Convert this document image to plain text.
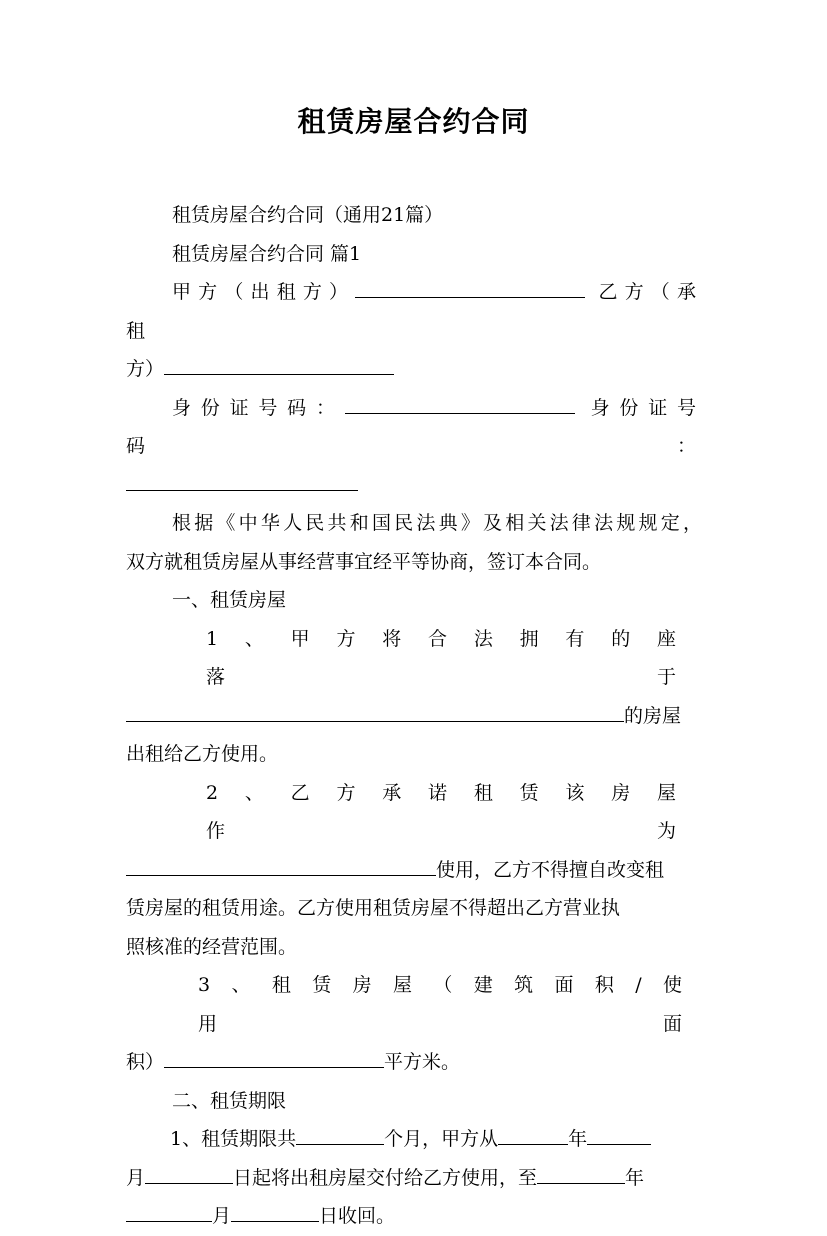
租赁房屋合约合同

租赁房屋合约合同（通用21篇）

租赁房屋合约合同 篇1

甲方（出租方）	乙方（承租

方）

身份证号码：	身份证号码：

根据《中华人民共和国民法典》及相关法律法规规定，

双方就租赁房屋从事经营事宜经平等协商，签订本合同。

一、租赁房屋

1、甲方将合法拥有的座落于

的房屋

出租给乙方使用。

2、乙方承诺租赁该房屋作为

使用，乙方不得擅自改变租

赁房屋的租赁用途。乙方使用租赁房屋不得超出乙方营业执

照核准的经营范围。

3、租赁房屋（建筑面积/使用面

积）	平方米。

二、租赁期限

1、租赁期限共	个月，甲方从	年

月	日起将出租房屋交付给乙方使用，至	年

月	日收回。
